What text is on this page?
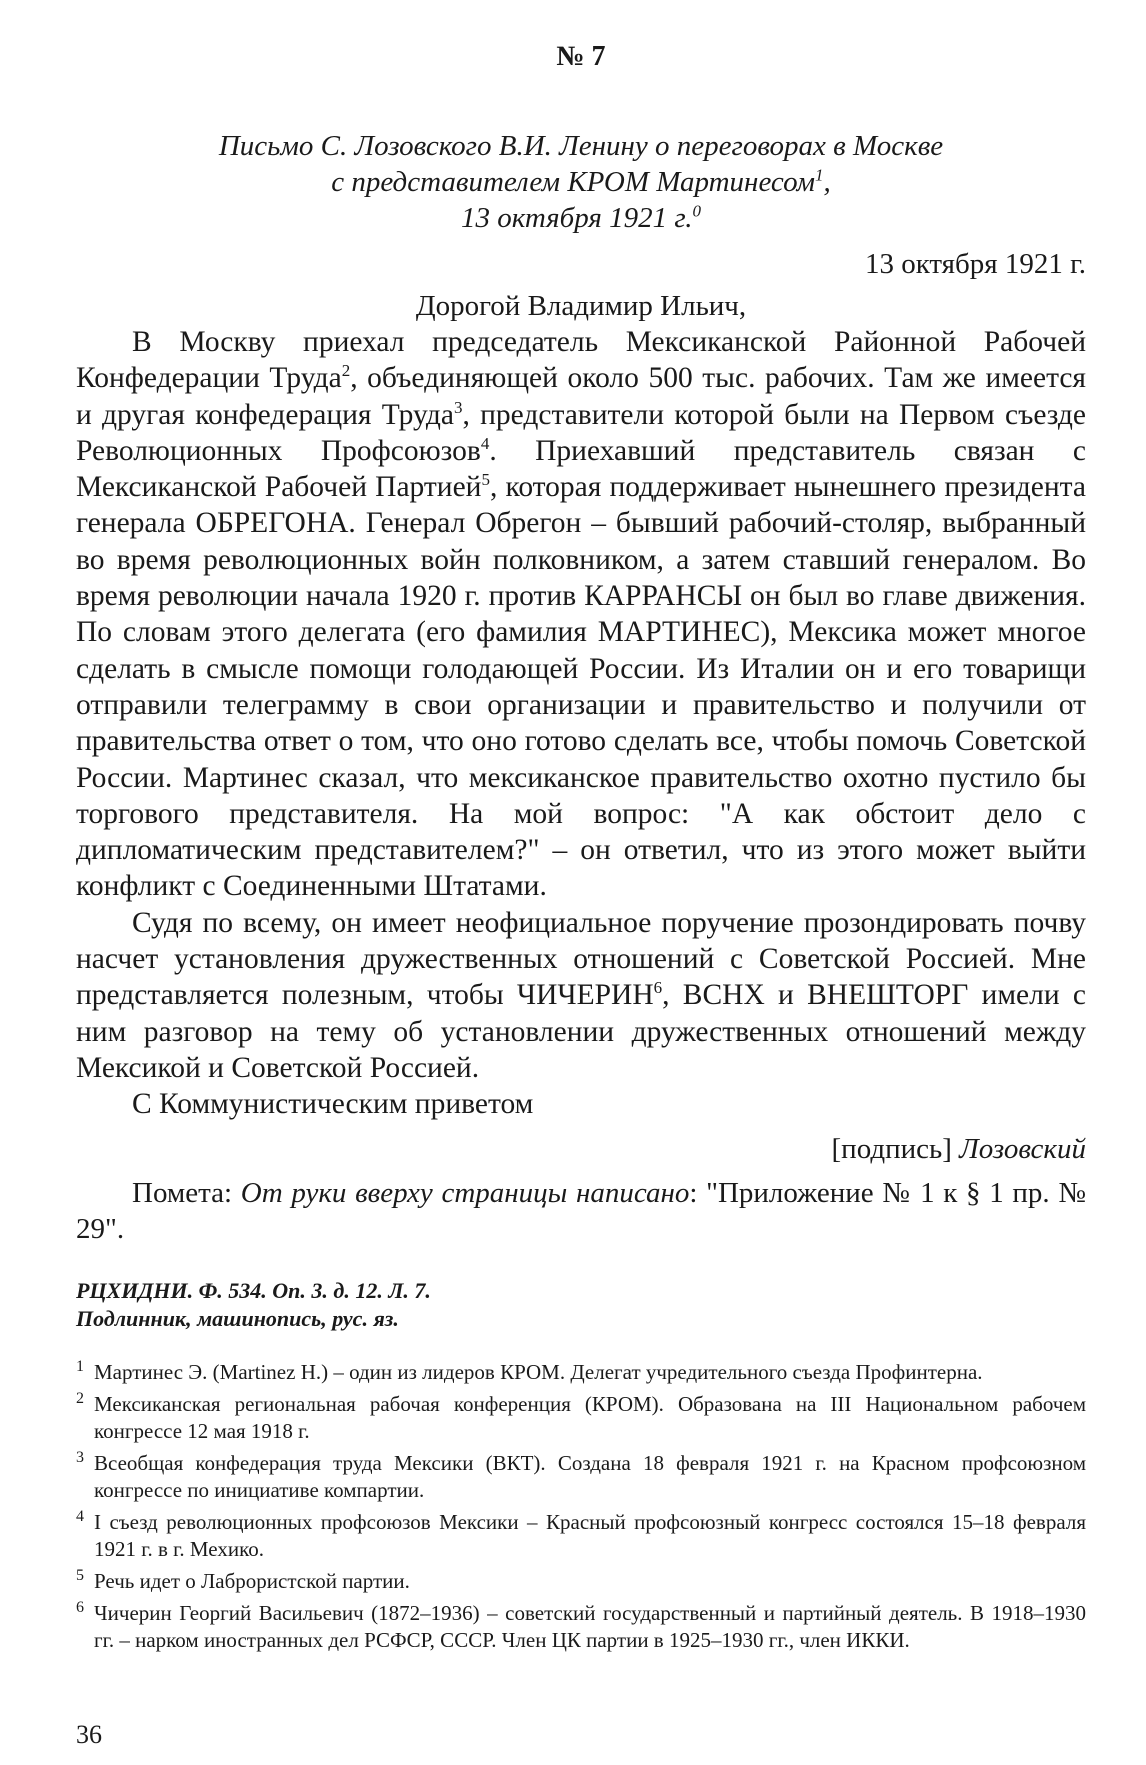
№ 7

Письмо С. Лозовского В.И. Ленину о переговорах в Москве
с представителем КРОМ Мартинесом$^1$,
13 октября 1921 г.$^0$
13 октября 1921 г.
Дорогой Владимир Ильич,

В Москву приехал председатель Мексиканской Районной Рабочей Конфедерации Труда$^2$, объединяющей около 500 тыс. рабочих. Там же имеется и другая конфедерация Труда$^3$, представители которой были на Первом съезде Революционных Профсоюзов$^4$. Приехавший представитель связан с Мексиканской Рабочей Партией$^5$, которая поддерживает нынешнего президента генерала ОБРЕГОНА. Генерал Обрегон – бывший рабочий-столяр, выбранный во время революционных войн полковником, а затем ставший генералом. Во время революции начала 1920 г. против КАРРАНСЫ он был во главе движения. По словам этого делегата (его фамилия МАРТИНЕС), Мексика может многое сделать в смысле помощи голодающей России. Из Италии он и его товарищи отправили телеграмму в свои организации и правительство и получили от правительства ответ о том, что оно готово сделать все, чтобы помочь Советской России. Мартинес сказал, что мексиканское правительство охотно пустило бы торгового представителя. На мой вопрос: "А как обстоит дело с дипломатическим представителем?" – он ответил, что из этого может выйти конфликт с Соединенными Штатами.

Судя по всему, он имеет неофициальное поручение прозондировать почву насчет установления дружественных отношений с Советской Россией. Мне представляется полезным, чтобы ЧИЧЕРИН$^6$, ВСНХ и ВНЕШТОРГ имели с ним разговор на тему об установлении дружественных отношений между Мексикой и Советской Россией.

С Коммунистическим приветом

[подпись] Лозовский
Помета: От руки вверху страницы написано: "Приложение № 1 к § 1 пр. № 29".
РЦХИДНИ. Ф. 534. Оп. 3. д. 12. Л. 7.
Подлинник, машинопись, рус. яз.
1 Мартинес Э. (Martinez H.) – один из лидеров КРОМ. Делегат учредительного съезда Профинтерна.
2 Мексиканская региональная рабочая конференция (КРОМ). Образована на III Национальном рабочем конгрессе 12 мая 1918 г.
3 Всеобщая конфедерация труда Мексики (ВКТ). Создана 18 февраля 1921 г. на Красном профсоюзном конгрессе по инициативе компартии.
4 I съезд революционных профсоюзов Мексики – Красный профсоюзный конгресс состоялся 15–18 февраля 1921 г. в г. Мехико.
5 Речь идет о Лаброристской партии.
6 Чичерин Георгий Васильевич (1872–1936) – советский государственный и партийный деятель. В 1918–1930 гг. – нарком иностранных дел РСФСР, СССР. Член ЦК партии в 1925–1930 гг., член ИККИ.
36
